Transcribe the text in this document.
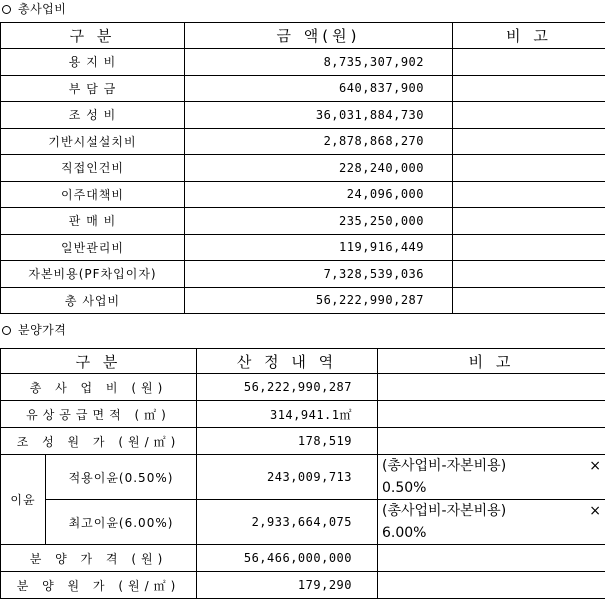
총사업비
구 분	금 액(원)	비 고
용 지 비	8,735,307,902	
부 담 금	640,837,900	
조 성 비	36,031,884,730	
기반시설설치비	2,878,868,270	
직접인건비	228,240,000	
이주대책비	24,096,000	
판 매 비	235,250,000	
일반관리비	119,916,449	
자본비용(PF차입이자)	7,328,539,036	
총 사업비	56,222,990,287	
분양가격
구 분		산 정 내 역	비 고
총 사 업 비 (원)		56,222,990,287	
유상공급면적 (㎡)		314,941.1㎡	
조 성 원 가 (원/㎡)		178,519	
이윤	적용이윤(0.50%)	243,009,713	(총사업비-자본비용) ×
0.50%

	최고이윤(6.00%)	2,933,664,075	(총사업비-자본비용) ×
6.00%

분 양 가 격 (원)		56,466,000,000	
분 양 원 가 (원/㎡)		179,290	
